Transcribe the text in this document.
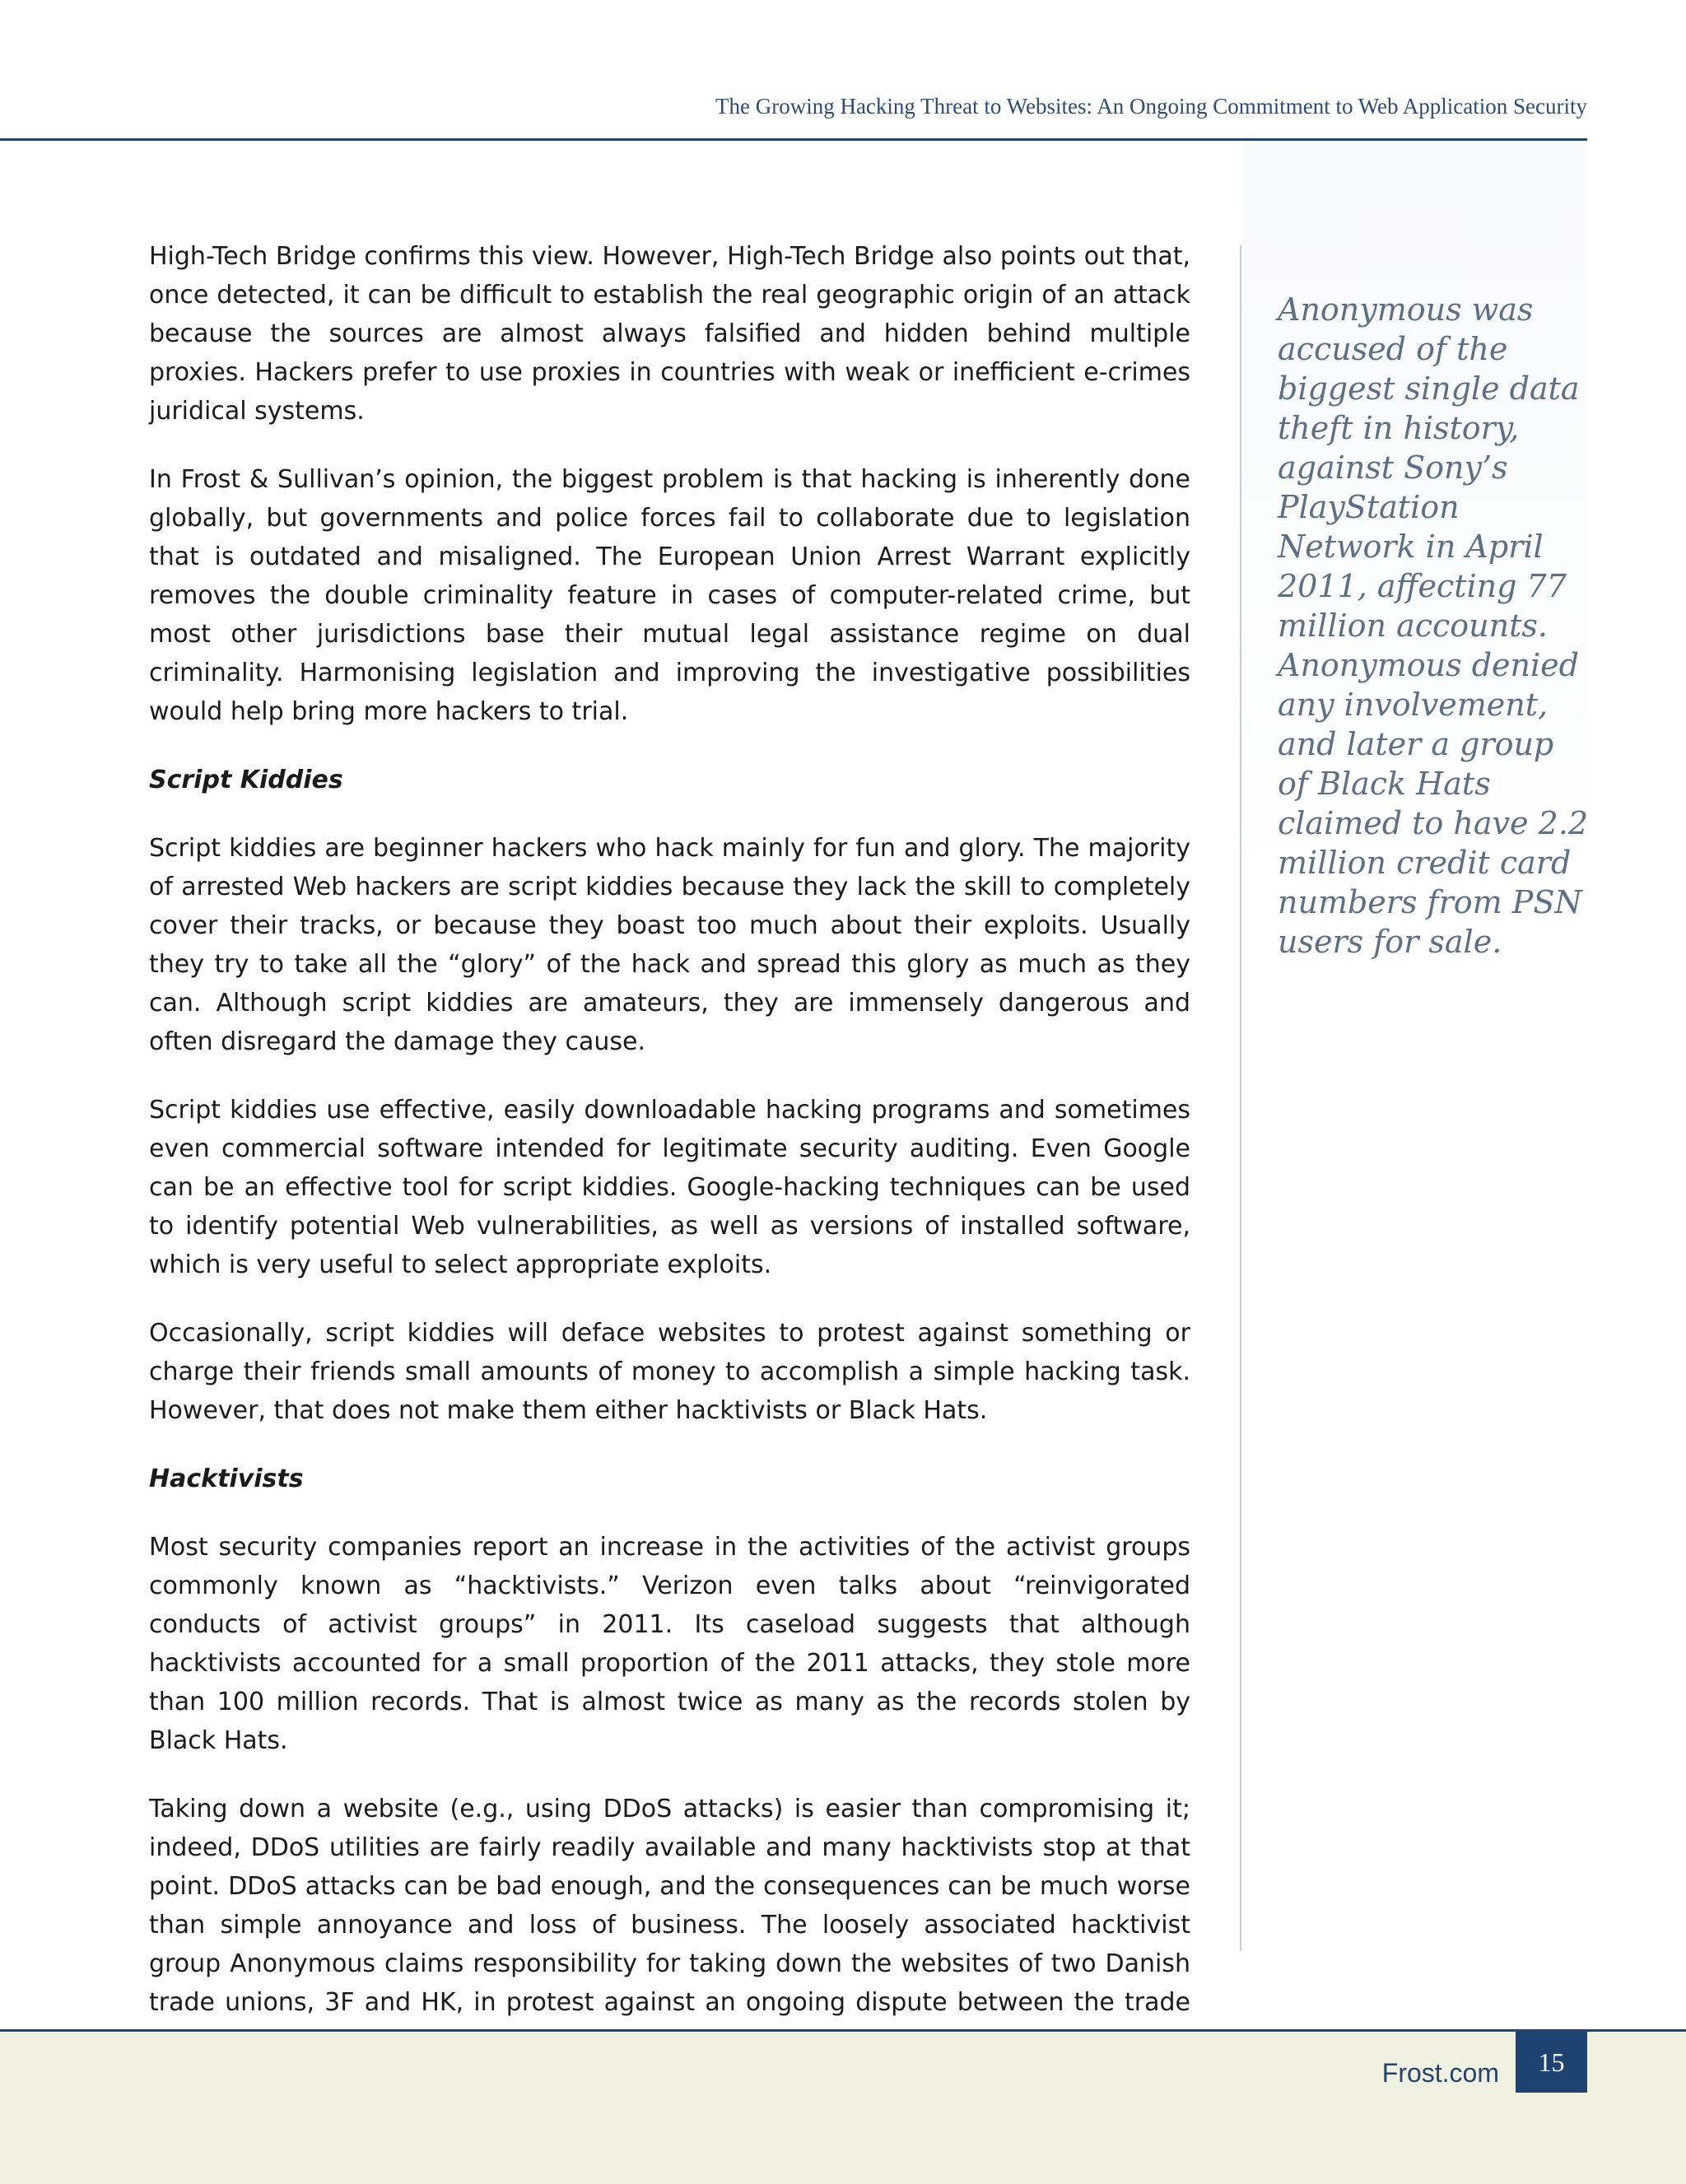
The Growing Hacking Threat to Websites: An Ongoing Commitment to Web Application Security

High-Tech Bridge confirms this view. However, High-Tech Bridge also points out that, once detected, it can be difficult to establish the real geographic origin of an attack because the sources are almost always falsified and hidden behind multiple proxies. Hackers prefer to use proxies in countries with weak or inefficient e-crimes juridical systems.

In Frost & Sullivan’s opinion, the biggest problem is that hacking is inherently done globally, but governments and police forces fail to collaborate due to legislation that is outdated and misaligned. The European Union Arrest Warrant explicitly removes the double criminality feature in cases of computer-related crime, but most other jurisdictions base their mutual legal assistance regime on dual criminality. Harmonising legislation and improving the investigative possibilities would help bring more hackers to trial.

Script Kiddies

Script kiddies are beginner hackers who hack mainly for fun and glory. The majority of arrested Web hackers are script kiddies because they lack the skill to completely cover their tracks, or because they boast too much about their exploits. Usually they try to take all the “glory” of the hack and spread this glory as much as they can. Although script kiddies are amateurs, they are immensely dangerous and often disregard the damage they cause.

Script kiddies use effective, easily downloadable hacking programs and sometimes even commercial software intended for legitimate security auditing. Even Google can be an effective tool for script kiddies. Google-hacking techniques can be used to identify potential Web vulnerabilities, as well as versions of installed software, which is very useful to select appropriate exploits.

Occasionally, script kiddies will deface websites to protest against something or charge their friends small amounts of money to accomplish a simple hacking task. However, that does not make them either hacktivists or Black Hats.

Hacktivists

Most security companies report an increase in the activities of the activist groups commonly known as “hacktivists.” Verizon even talks about “reinvigorated conducts of activist groups” in 2011. Its caseload suggests that although hacktivists accounted for a small proportion of the 2011 attacks, they stole more than 100 million records. That is almost twice as many as the records stolen by Black Hats.

Taking down a website (e.g., using DDoS attacks) is easier than compromising it; indeed, DDoS utilities are fairly readily available and many hacktivists stop at that point. DDoS attacks can be bad enough, and the consequences can be much worse than simple annoyance and loss of business. The loosely associated hacktivist group Anonymous claims responsibility for taking down the websites of two Danish trade unions, 3F and HK, in protest against an ongoing dispute between the trade

Anonymous was accused of the biggest single data theft in history, against Sony’s PlayStation Network in April 2011, affecting 77 million accounts. Anonymous denied any involvement, and later a group of Black Hats claimed to have 2.2 million credit card numbers from PSN users for sale.
Frost.com	15
